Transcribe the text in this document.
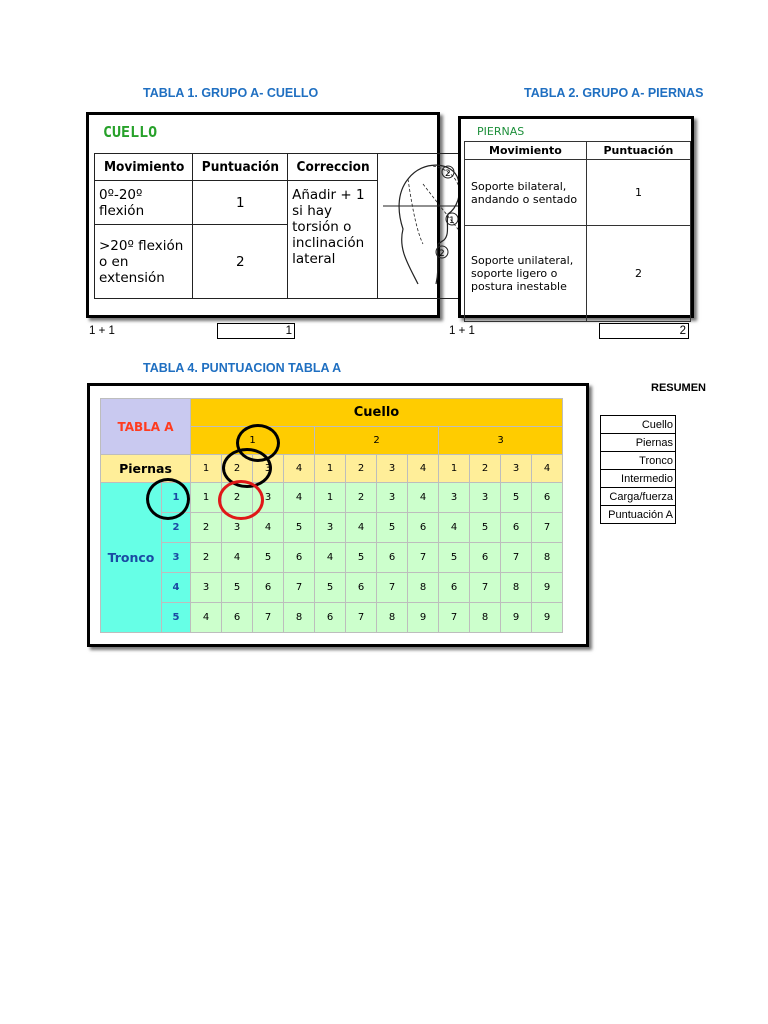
TABLA 1. GRUPO A- CUELLO	TABLA 2. GRUPO A- PIERNAS
CUELLO
Movimiento	Puntuación	Correccion	2
1
2

0º-20º flexión	1	Añadir + 1 si hay torsión o inclinación lateral	
>20º flexión o en extensión	2		
PIERNAS
Movimiento	Puntuación
Soporte bilateral, andando o sentado	1
Soporte unilateral, soporte ligero o postura inestable	2
1 + 1	1	1 + 1	2
TABLA 4. PUNTUACION TABLA A
TABLA A		Cuello											
		1				2				3			
Piernas		1	2	3	4	1	2	3	4	1	2	3	4
Tronco	1	1	2	3	4	1	2	3	4	3	3	5	6
	2	2	3	4	5	3	4	5	6	4	5	6	7
	3	2	4	5	6	4	5	6	7	5	6	7	8
	4	3	5	6	7	5	6	7	8	6	7	8	9
	5	4	6	7	8	6	7	8	9	7	8	9	9
RESUMEN
Cuello
Piernas
Tronco
Intermedio
Carga/fuerza
Puntuación A
